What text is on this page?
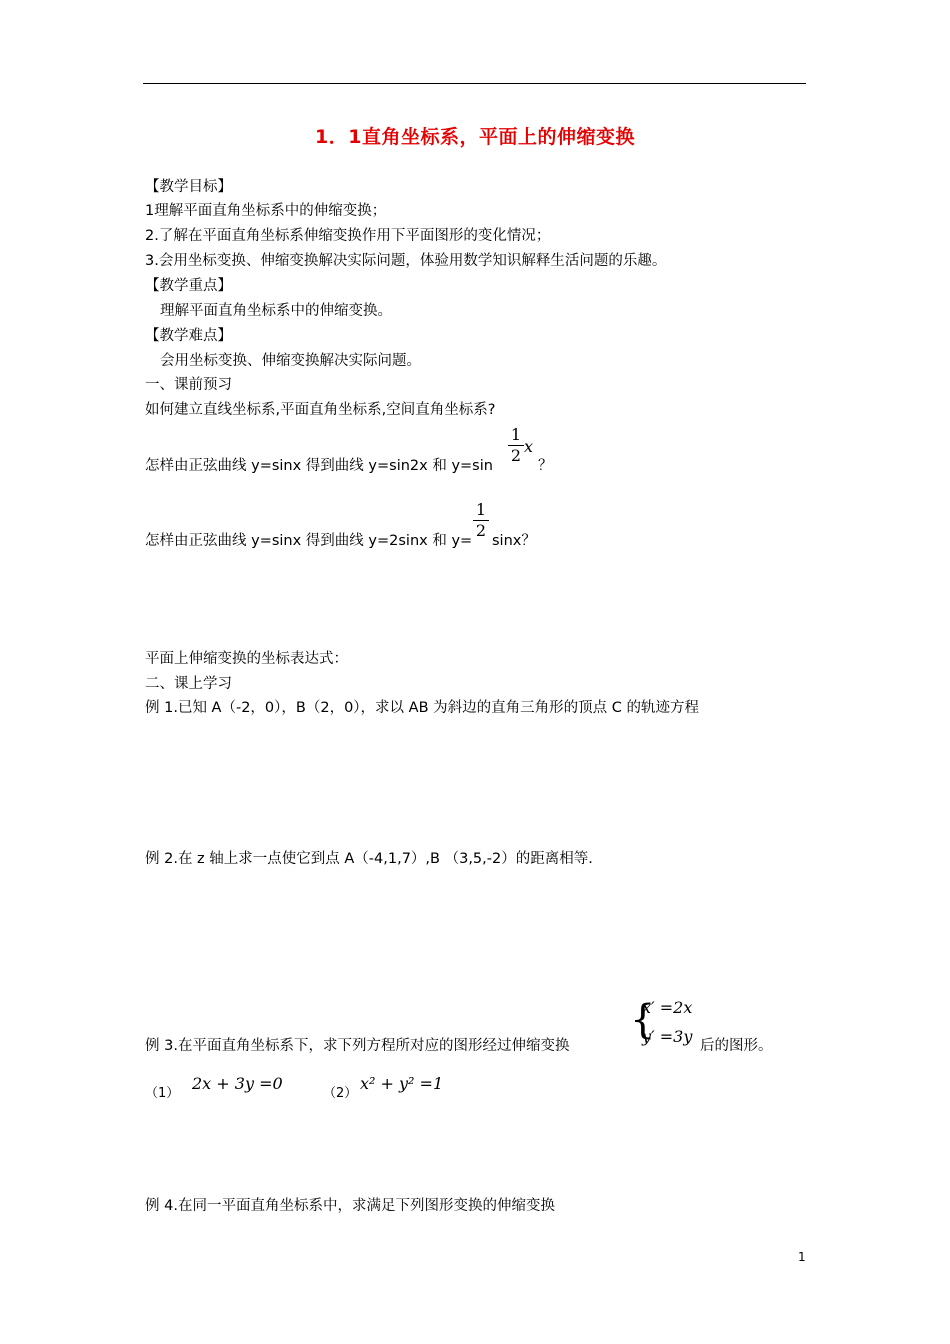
1．1直角坐标系，平面上的伸缩变换
【教学目标】
1理解平面直角坐标系中的伸缩变换；
2.了解在平面直角坐标系伸缩变换作用下平面图形的变化情况；
3.会用坐标变换、伸缩变换解决实际问题，体验用数学知识解释生活问题的乐趣。
【教学重点】
理解平面直角坐标系中的伸缩变换。
【教学难点】
会用坐标变换、伸缩变换解决实际问题。
一、课前预习
如何建立直线坐标系,平面直角坐标系,空间直角坐标系?
怎样由正弦曲线 y=sinx 得到曲线 y=sin2x 和 y=sin
1
2 x
？
怎样由正弦曲线 y=sinx 得到曲线 y=2sinx 和 y=
1
2
sinx？
平面上伸缩变换的坐标表达式：
二、课上学习
例 1.已知 A（-2，0），B（2，0），求以 AB 为斜边的直角三角形的顶点 C 的轨迹方程
例 2.在 z 轴上求一点使它到点 A（-4,1,7）,B （3,5,-2）的距离相等.
例 3.在平面直角坐标系下，求下列方程所对应的图形经过伸缩变换
{
x′ =2x
y′ =3y 后的图形。
（1）
2x + 3y =0
（2）
x² + y² =1
例 4.在同一平面直角坐标系中，求满足下列图形变换的伸缩变换
1
